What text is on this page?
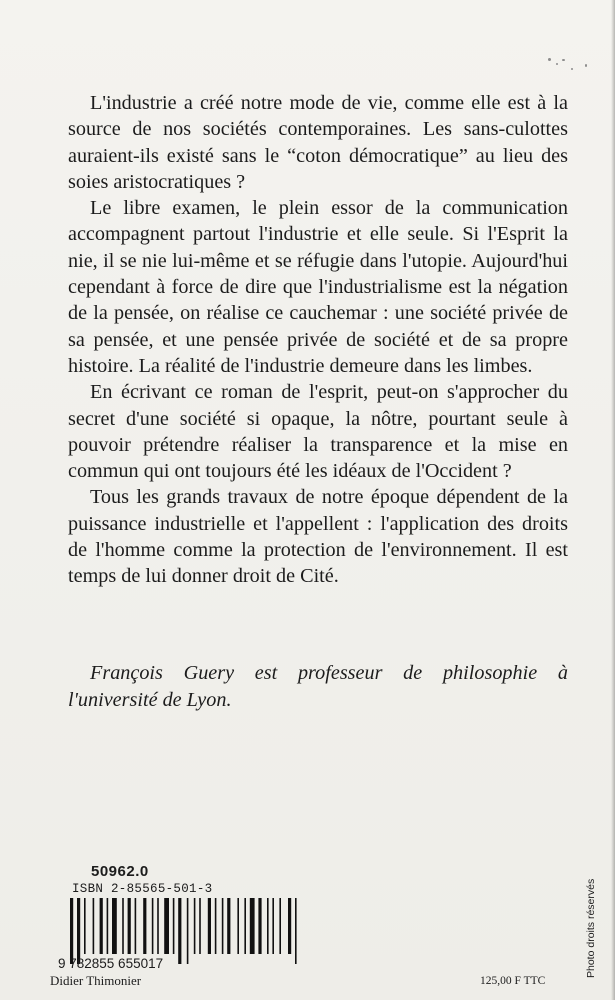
L'industrie a créé notre mode de vie, comme elle est à la source de nos sociétés contemporaines. Les sans-culottes auraient-ils existé sans le “coton démocratique” au lieu des soies aristocratiques ?

Le libre examen, le plein essor de la communication accompagnent partout l'industrie et elle seule. Si l'Esprit la nie, il se nie lui-même et se réfugie dans l'utopie. Aujourd'hui cependant à force de dire que l'industrialisme est la négation de la pensée, on réalise ce cauchemar : une société privée de sa pensée, et une pensée privée de société et de sa propre histoire. La réalité de l'industrie demeure dans les limbes.

En écrivant ce roman de l'esprit, peut-on s'approcher du secret d'une société si opaque, la nôtre, pourtant seule à pouvoir prétendre réaliser la transparence et la mise en commun qui ont toujours été les idéaux de l'Occident ?

Tous les grands travaux de notre époque dépendent de la puissance industrielle et l'appellent : l'application des droits de l'homme comme la protection de l'environnement. Il est temps de lui donner droit de Cité.

François Guery est professeur de philosophie à l'université de Lyon.
50962.0
ISBN 2-85565-501-3
9 782855 655017
Didier Thimonier	125,00 F TTC
Photo droits réservés
